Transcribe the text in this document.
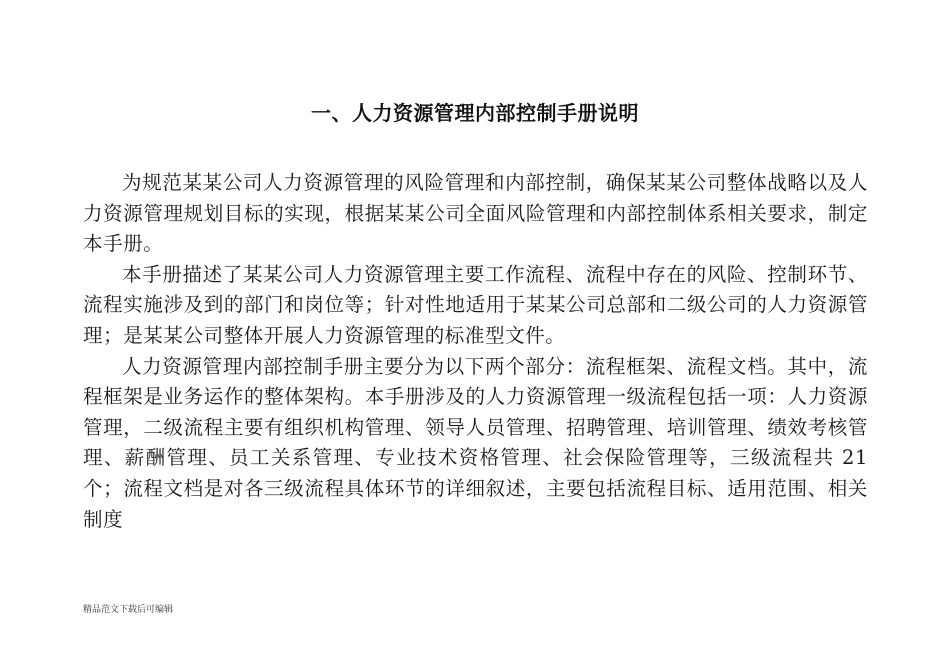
一、人力资源管理内部控制手册说明

为规范某某公司人力资源管理的风险管理和内部控制，确保某某公司整体战略以及人力资源管理规划目标的实现，根据某某公司全面风险管理和内部控制体系相关要求，制定本手册。

本手册描述了某某公司人力资源管理主要工作流程、流程中存在的风险、控制环节、流程实施涉及到的部门和岗位等；针对性地适用于某某公司总部和二级公司的人力资源管理；是某某公司整体开展人力资源管理的标准型文件。

人力资源管理内部控制手册主要分为以下两个部分：流程框架、流程文档。其中，流程框架是业务运作的整体架构。本手册涉及的人力资源管理一级流程包括一项：人力资源管理，二级流程主要有组织机构管理、领导人员管理、招聘管理、培训管理、绩效考核管理、薪酬管理、员工关系管理、专业技术资格管理、社会保险管理等，三级流程共 21 个；流程文档是对各三级流程具体环节的详细叙述，主要包括流程目标、适用范围、相关制度

精品范文下载后可编辑
